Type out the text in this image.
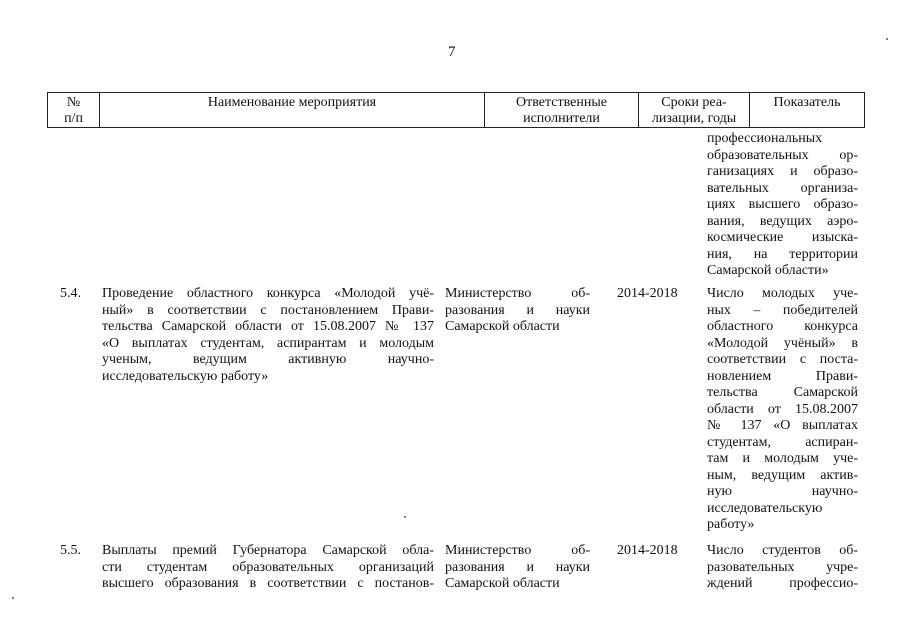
7
№
п/п
Наименование мероприятия	Ответственные
исполнители
Сроки реа-
лизации, годы
Показатель
профессиональных
образовательных ор-
ганизациях и образо-
вательных организа-
циях высшего образо-
вания, ведущих аэро-
космические изыска-
ния, на территории
Самарской области»
5.4. Проведение областного конкурса «Молодой учё-
ный» в соответствии с постановлением Прави-
тельства Самарской области от 15.08.2007 № 137
«О выплатах студентам, аспирантам и молодым
ученым, ведущим активную научно-
исследовательскую работу»
Министерство об-
разования и науки
Самарской области
2014-2018 Число молодых уче-
ных – победителей
областного конкурса
«Молодой учёный» в
соответствии с поста-
новлением Прави-
тельства Самарской
области от 15.08.2007
№ 137 «О выплатах
студентам, аспиран-
там и молодым уче-
ным, ведущим актив-
ную научно-
исследовательскую
работу»
5.5. Выплаты премий Губернатора Самарской обла-
сти студентам образовательных организаций
высшего образования в соответствии с постанов-
Министерство об-
разования и науки
Самарской области
2014-2018 Число студентов об-
разовательных учре-
ждений профессио-
